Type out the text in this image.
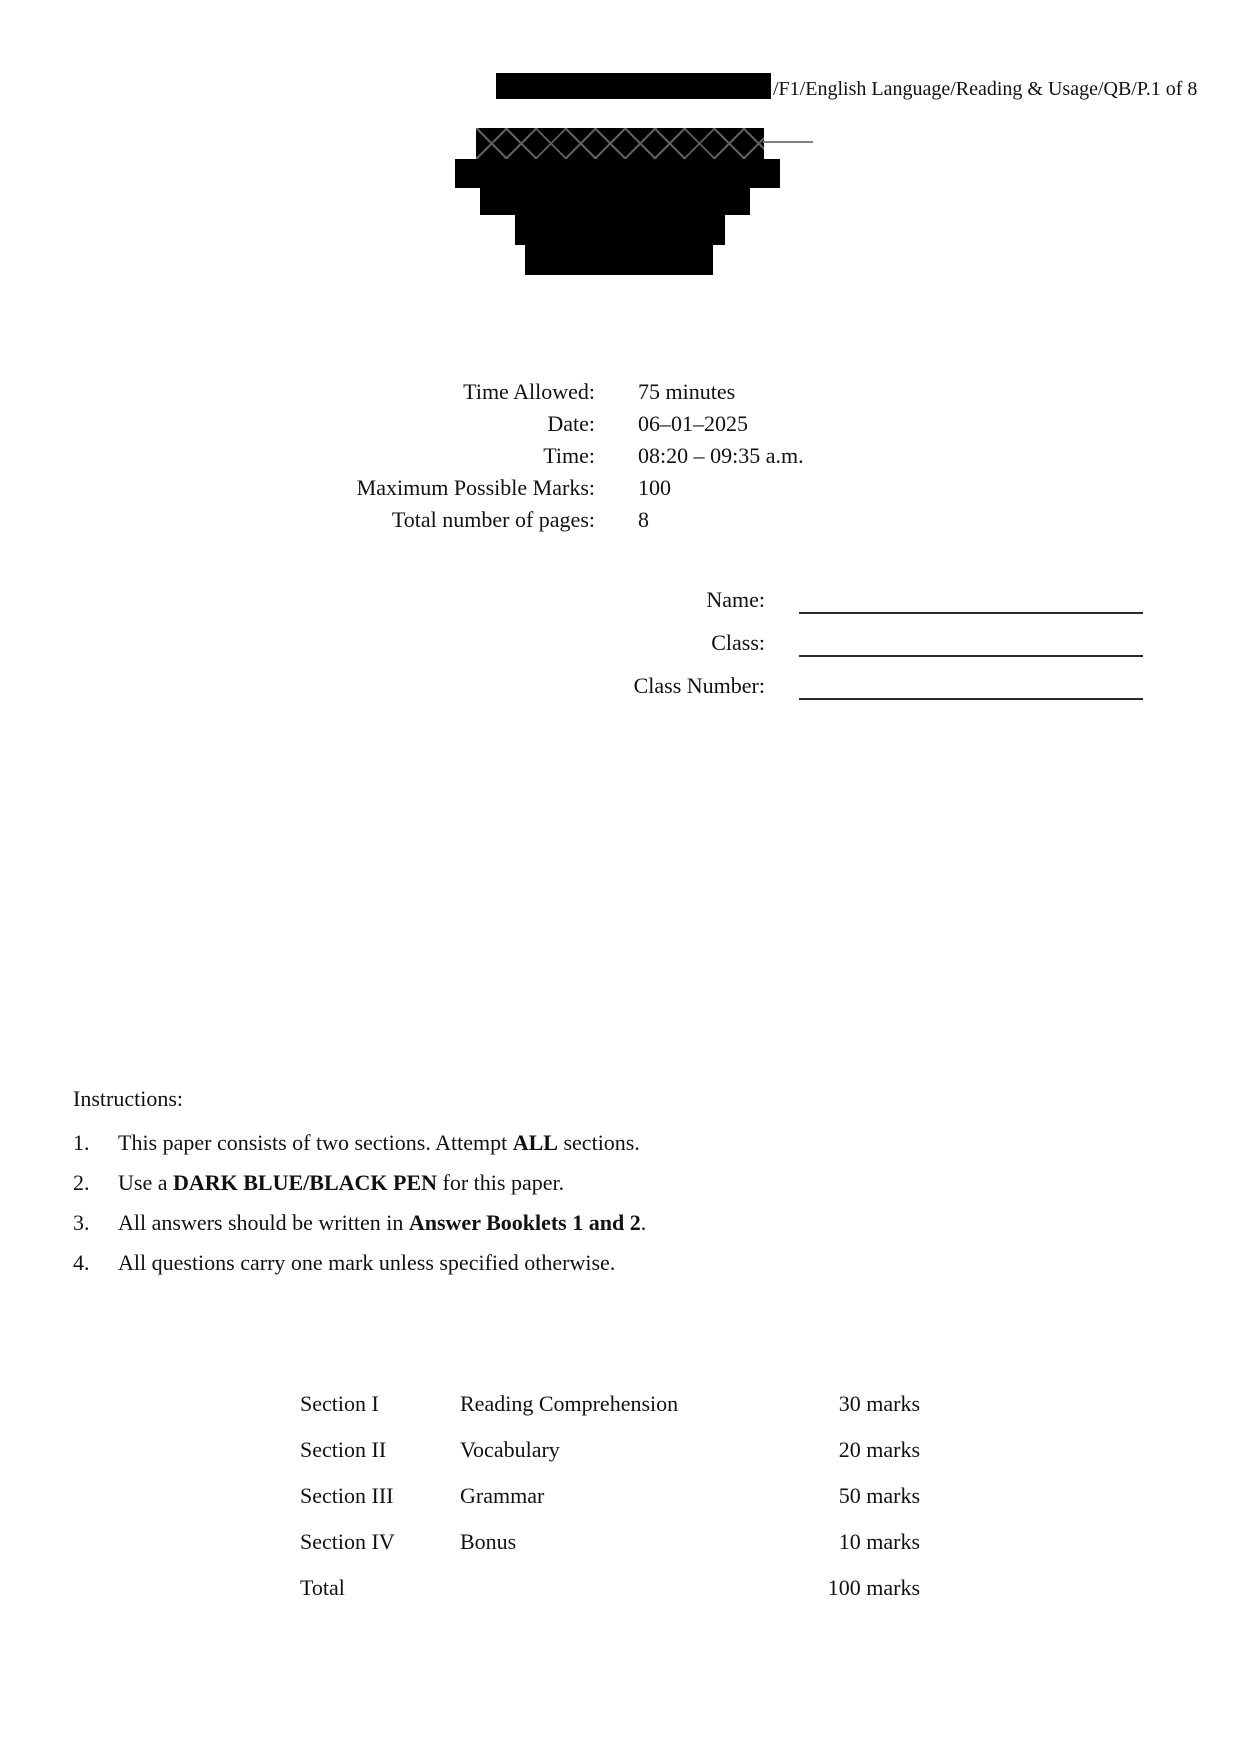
/F1/English Language/Reading & Usage/QB/P.1 of 8
Time Allowed:	75 minutes
Date:	06–01–2025
Time:	08:20 – 09:35 a.m.
Maximum Possible Marks:	100
Total number of pages:	8
Name:
Class:
Class Number:
Instructions:
1.	This paper consists of two sections. Attempt ALL sections.
2.	Use a DARK BLUE/BLACK PEN for this paper.
3.	All answers should be written in Answer Booklets 1 and 2.
4.	All questions carry one mark unless specified otherwise.
Section I	Reading Comprehension	30 marks
Section II	Vocabulary	20 marks
Section III	Grammar	50 marks
Section IV	Bonus	10 marks
Total	100 marks
